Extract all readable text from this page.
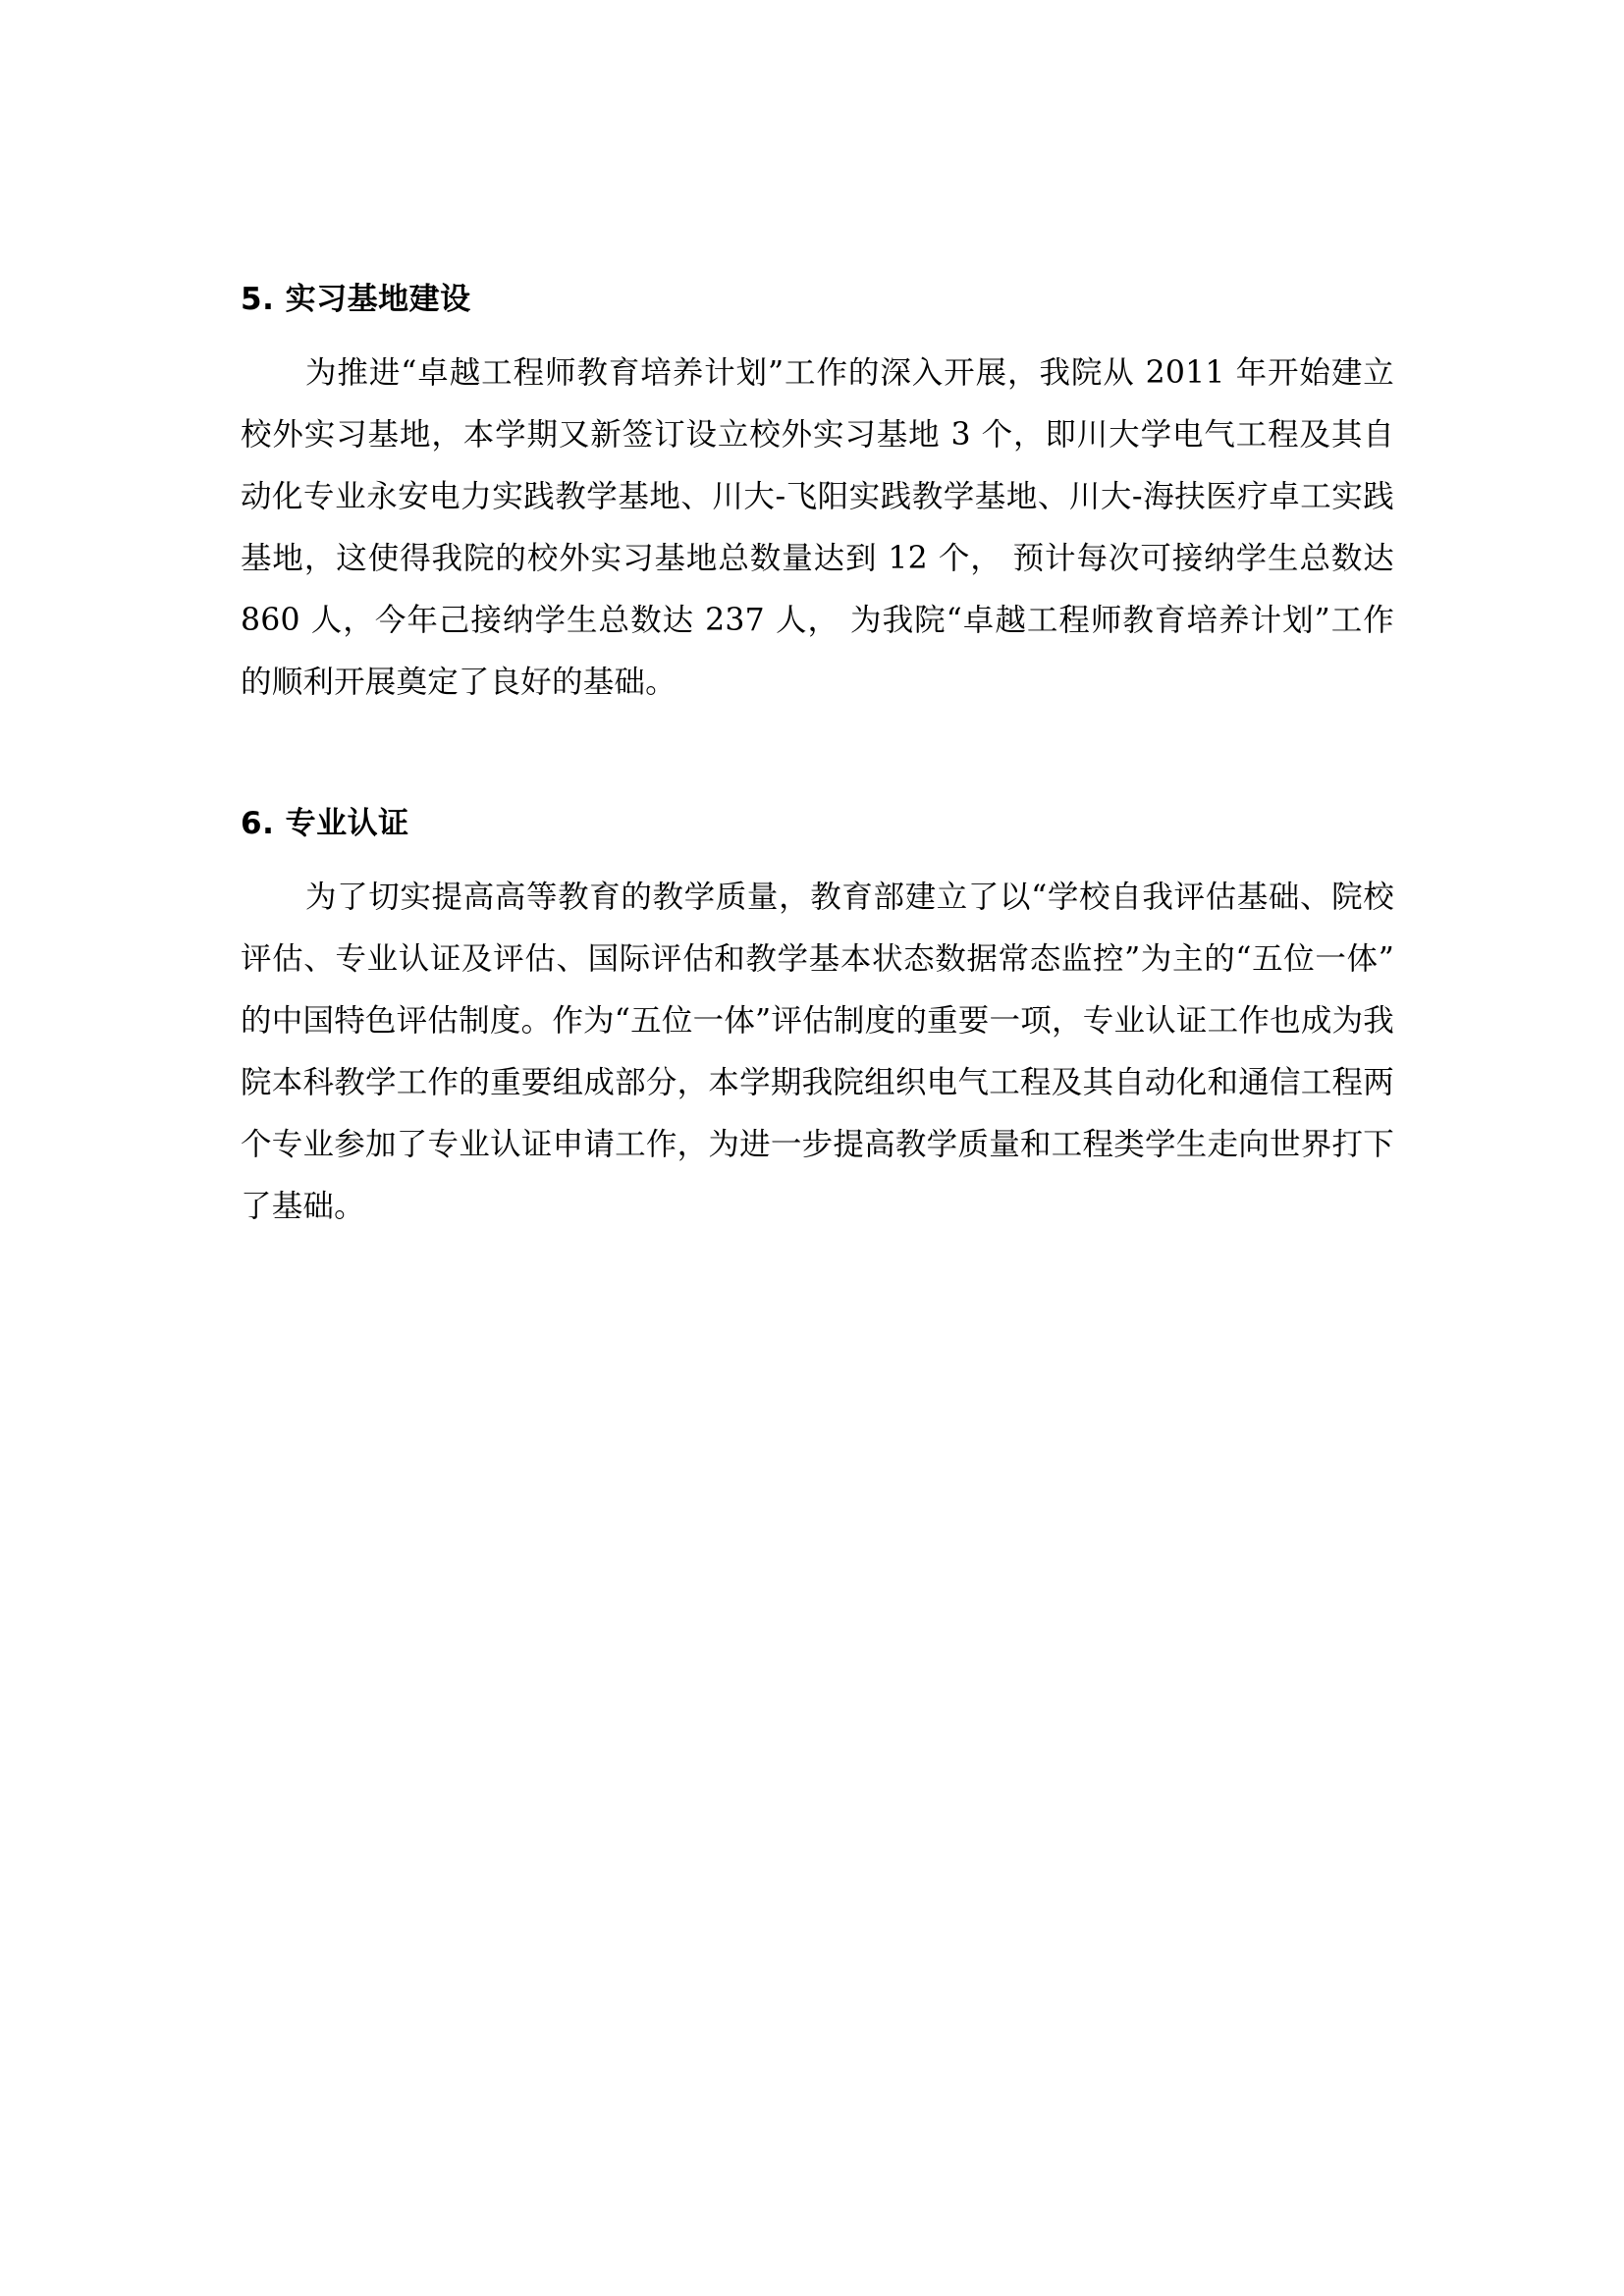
5. 实习基地建设

为推进“卓越工程师教育培养计划”工作的深入开展，我院从 2011 年开始建立校外实习基地，本学期又新签订设立校外实习基地 3 个，即川大学电气工程及其自动化专业永安电力实践教学基地、川大-飞阳实践教学基地、川大-海扶医疗卓工实践基地，这使得我院的校外实习基地总数量达到 12 个， 预计每次可接纳学生总数达 860 人，今年己接纳学生总数达 237 人， 为我院“卓越工程师教育培养计划”工作的顺利开展奠定了良好的基础。

6. 专业认证

为了切实提高高等教育的教学质量，教育部建立了以“学校自我评估基础、院校评估、专业认证及评估、国际评估和教学基本状态数据常态监控”为主的“五位一体”的中国特色评估制度。作为“五位一体”评估制度的重要一项，专业认证工作也成为我院本科教学工作的重要组成部分，本学期我院组织电气工程及其自动化和通信工程两个专业参加了专业认证申请工作，为进一步提高教学质量和工程类学生走向世界打下了基础。
